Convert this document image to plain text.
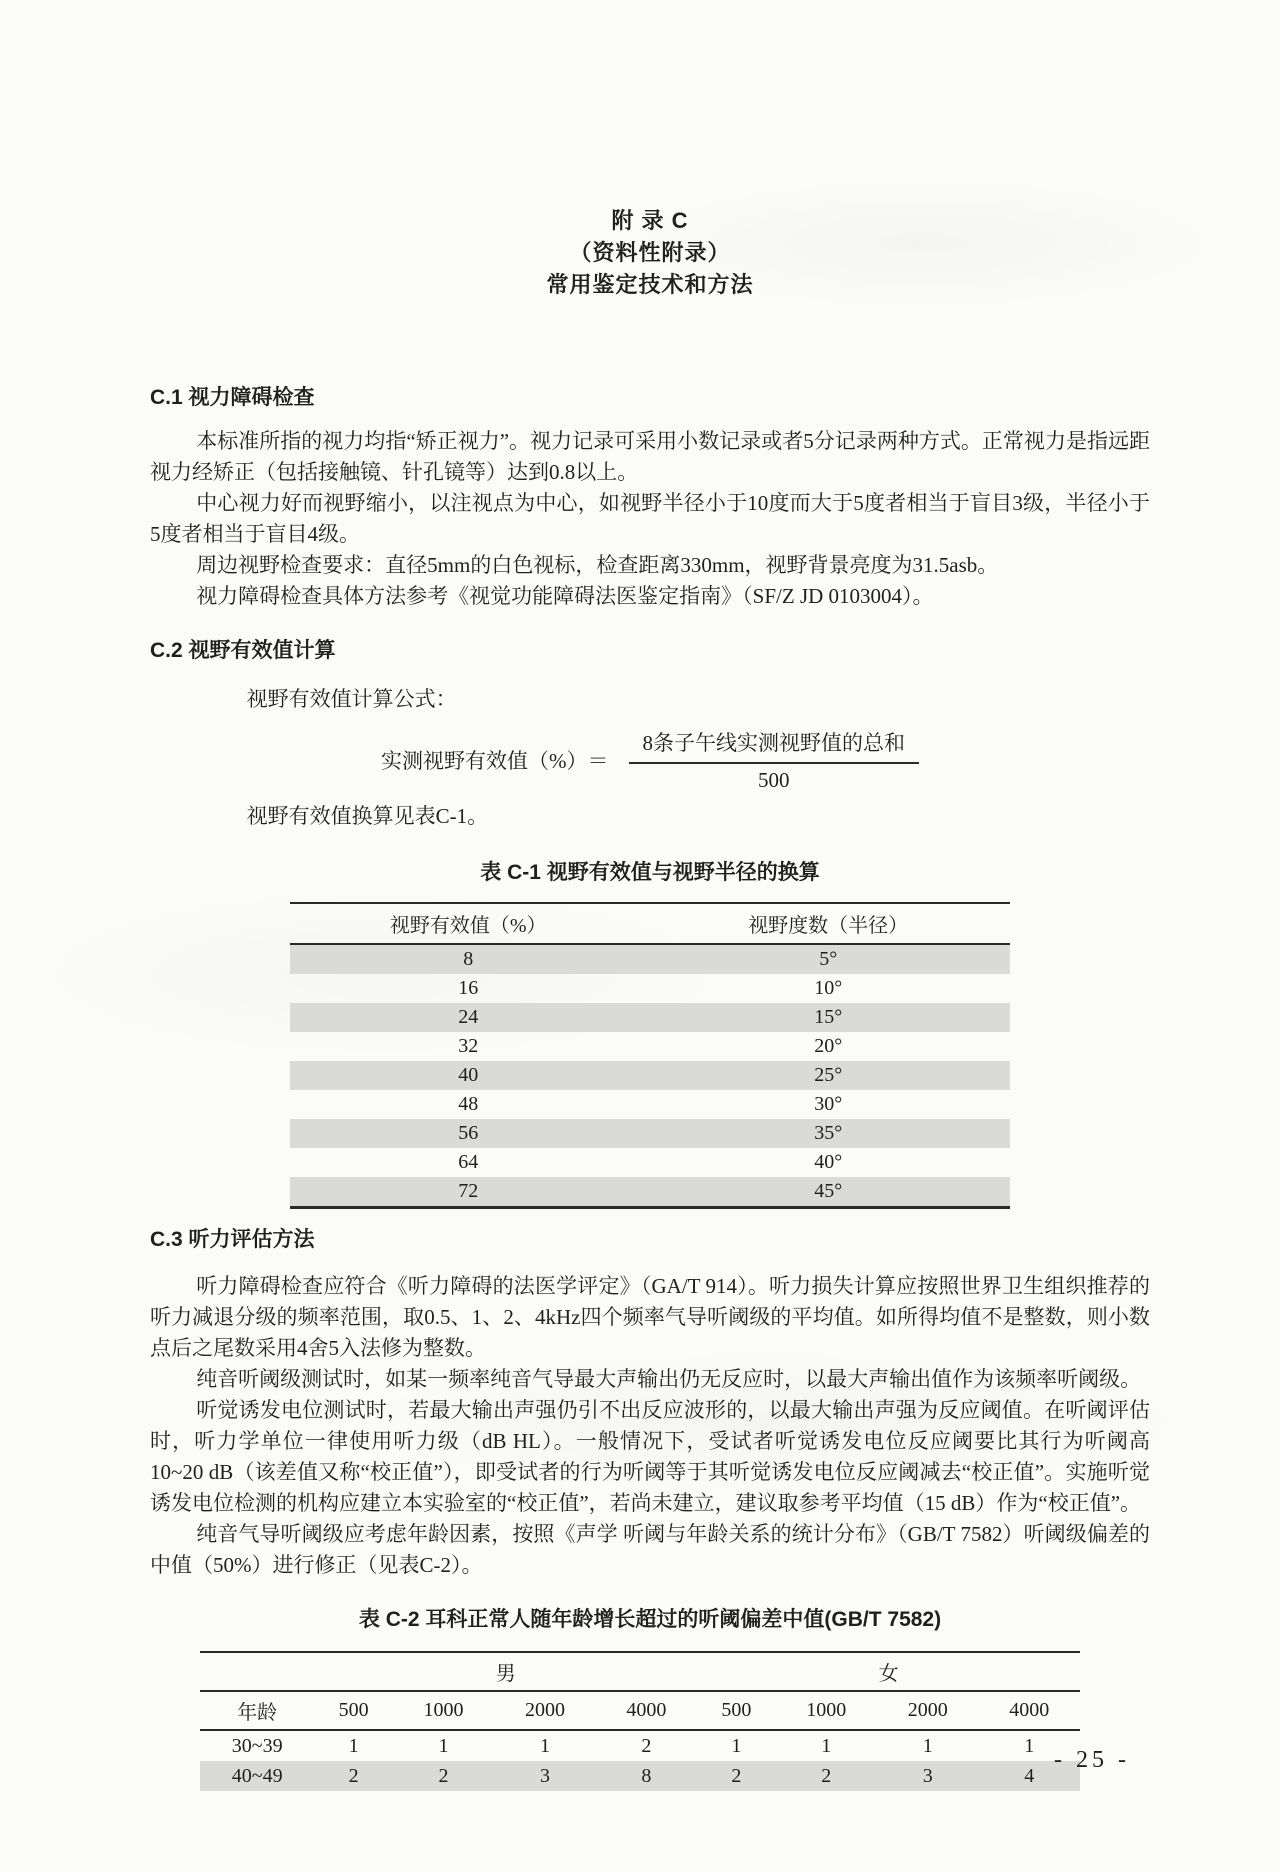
附 录 C
（资料性附录）
常用鉴定技术和方法
C.1 视力障碍检查

本标准所指的视力均指“矫正视力”。视力记录可采用小数记录或者5分记录两种方式。正常视力是指远距视力经矫正（包括接触镜、针孔镜等）达到0.8以上。

中心视力好而视野缩小，以注视点为中心，如视野半径小于10度而大于5度者相当于盲目3级，半径小于5度者相当于盲目4级。

周边视野检查要求：直径5mm的白色视标，检查距离330mm，视野背景亮度为31.5asb。

视力障碍检查具体方法参考《视觉功能障碍法医鉴定指南》（SF/Z JD 0103004）。

C.2 视野有效值计算

视野有效值计算公式：

实测视野有效值（%）＝ $\frac{\text{8条子午线实测视野值的总和}}{500}$

视野有效值换算见表C-1。

表 C-1 视野有效值与视野半径的换算
视野有效值（%）	视野度数（半径）
8	5°
16	10°
24	15°
32	20°
40	25°
48	30°
56	35°
64	40°
72	45°
C.3 听力评估方法

听力障碍检查应符合《听力障碍的法医学评定》（GA/T 914）。听力损失计算应按照世界卫生组织推荐的听力减退分级的频率范围，取0.5、1、2、4kHz四个频率气导听阈级的平均值。如所得均值不是整数，则小数点后之尾数采用4舍5入法修为整数。

纯音听阈级测试时，如某一频率纯音气导最大声输出仍无反应时，以最大声输出值作为该频率听阈级。

听觉诱发电位测试时，若最大输出声强仍引不出反应波形的，以最大输出声强为反应阈值。在听阈评估时，听力学单位一律使用听力级（dB HL）。一般情况下，受试者听觉诱发电位反应阈要比其行为听阈高 10~20 dB（该差值又称“校正值”），即受试者的行为听阈等于其听觉诱发电位反应阈减去“校正值”。实施听觉诱发电位检测的机构应建立本实验室的“校正值”，若尚未建立，建议取参考平均值（15 dB）作为“校正值”。

纯音气导听阈级应考虑年龄因素，按照《声学 听阈与年龄关系的统计分布》（GB/T 7582）听阈级偏差的中值（50%）进行修正（见表C-2）。

表 C-2 耳科正常人随年龄增长超过的听阈偏差中值(GB/T 7582)
	男				女			
年龄	500	1000	2000	4000	500	1000	2000	4000
30~39	1	1	1	2	1	1	1	1
40~49	2	2	3	8	2	2	3	4
- 25 -
